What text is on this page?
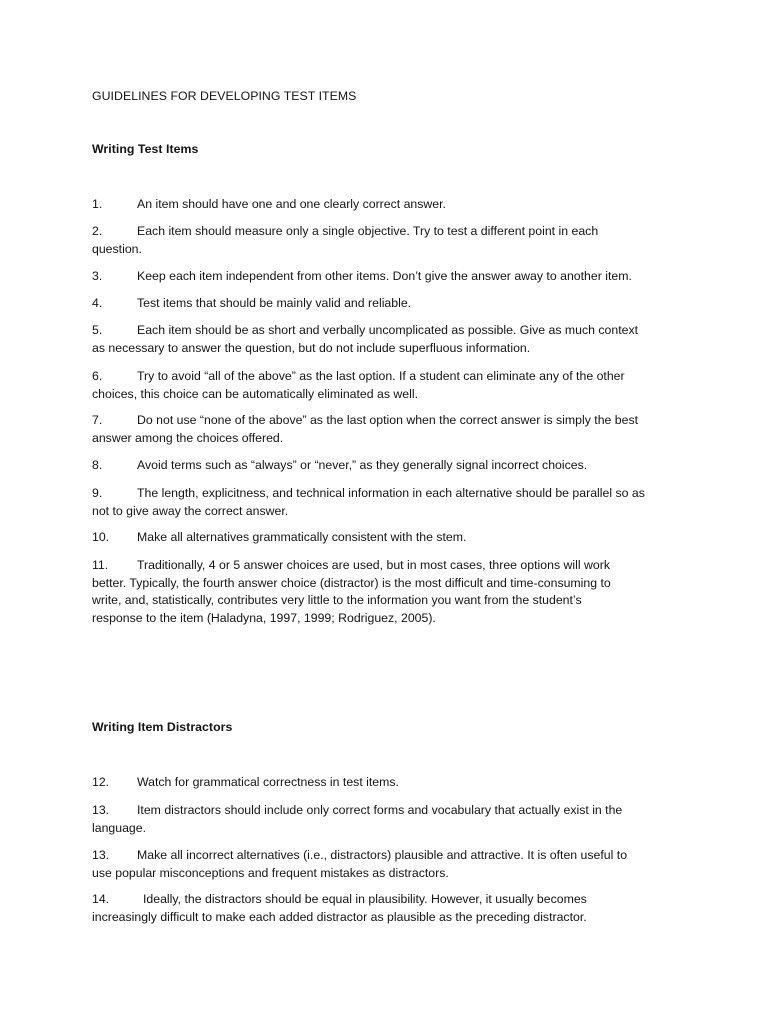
GUIDELINES FOR DEVELOPING TEST ITEMS
Writing Test Items
1.	An item should have one and one clearly correct answer.
2.	Each item should measure only a single objective. Try to test a different point in each
question.
3.	Keep each item independent from other items. Don’t give the answer away to another item.
4.	Test items that should be mainly valid and reliable.
5.	Each item should be as short and verbally uncomplicated as possible. Give as much context
as necessary to answer the question, but do not include superfluous information.
6.	Try to avoid “all of the above” as the last option. If a student can eliminate any of the other
choices, this choice can be automatically eliminated as well.
7.	Do not use “none of the above” as the last option when the correct answer is simply the best
answer among the choices offered.
8.	Avoid terms such as “always” or “never,” as they generally signal incorrect choices.
9.	The length, explicitness, and technical information in each alternative should be parallel so as
not to give away the correct answer.
10. Make all alternatives grammatically consistent with the stem.
11. Traditionally, 4 or 5 answer choices are used, but in most cases, three options will work
better. Typically, the fourth answer choice (distractor) is the most difficult and time-consuming to
write, and, statistically, contributes very little to the information you want from the student’s
response to the item (Haladyna, 1997, 1999; Rodriguez, 2005).
Writing Item Distractors
12. Watch for grammatical correctness in test items.
13. Item distractors should include only correct forms and vocabulary that actually exist in the
language.
13. Make all incorrect alternatives (i.e., distractors) plausible and attractive. It is often useful to
use popular misconceptions and frequent mistakes as distractors.
14.	Ideally, the distractors should be equal in plausibility. However, it usually becomes
increasingly difficult to make each added distractor as plausible as the preceding distractor.
